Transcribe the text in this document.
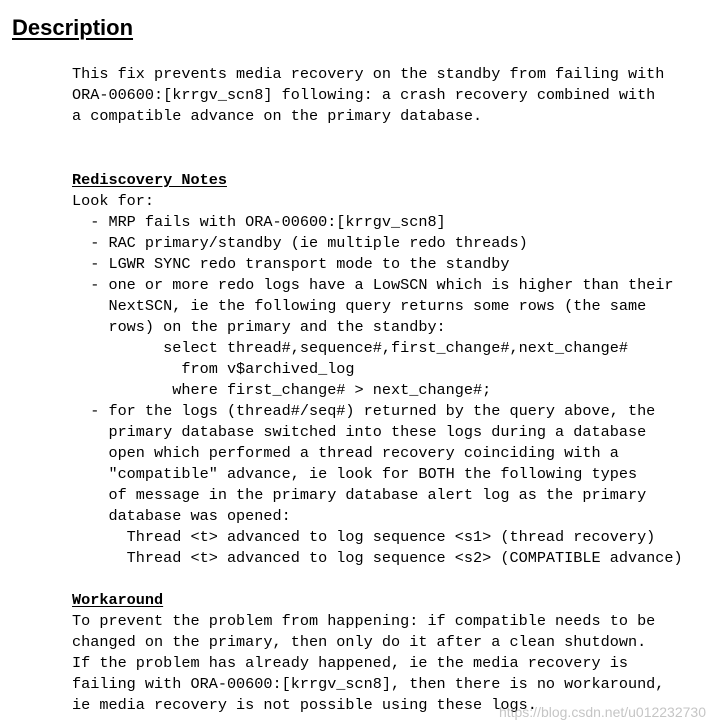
Description
This fix prevents media recovery on the standby from failing with
ORA-00600:[krrgv_scn8] following: a crash recovery combined with
a compatible advance on the primary database.
Rediscovery Notes
Look for:
- MRP fails with ORA-00600:[krrgv_scn8]
- RAC primary/standby (ie multiple redo threads)
- LGWR SYNC redo transport mode to the standby
- one or more redo logs have a LowSCN which is higher than their
NextSCN, ie the following query returns some rows (the same
rows) on the primary and the standby:
select thread#,sequence#,first_change#,next_change#
from v$archived_log
where first_change# > next_change#;
- for the logs (thread#/seq#) returned by the query above, the
primary database switched into these logs during a database
open which performed a thread recovery coinciding with a
"compatible" advance, ie look for BOTH the following types
of message in the primary database alert log as the primary
database was opened:
Thread <t> advanced to log sequence <s1> (thread recovery)
Thread <t> advanced to log sequence <s2> (COMPATIBLE advance)
Workaround
To prevent the problem from happening: if compatible needs to be
changed on the primary, then only do it after a clean shutdown.
If the problem has already happened, ie the media recovery is
failing with ORA-00600:[krrgv_scn8], then there is no workaround,
ie media recovery is not possible using these logs.
https://blog.csdn.net/u012232730
